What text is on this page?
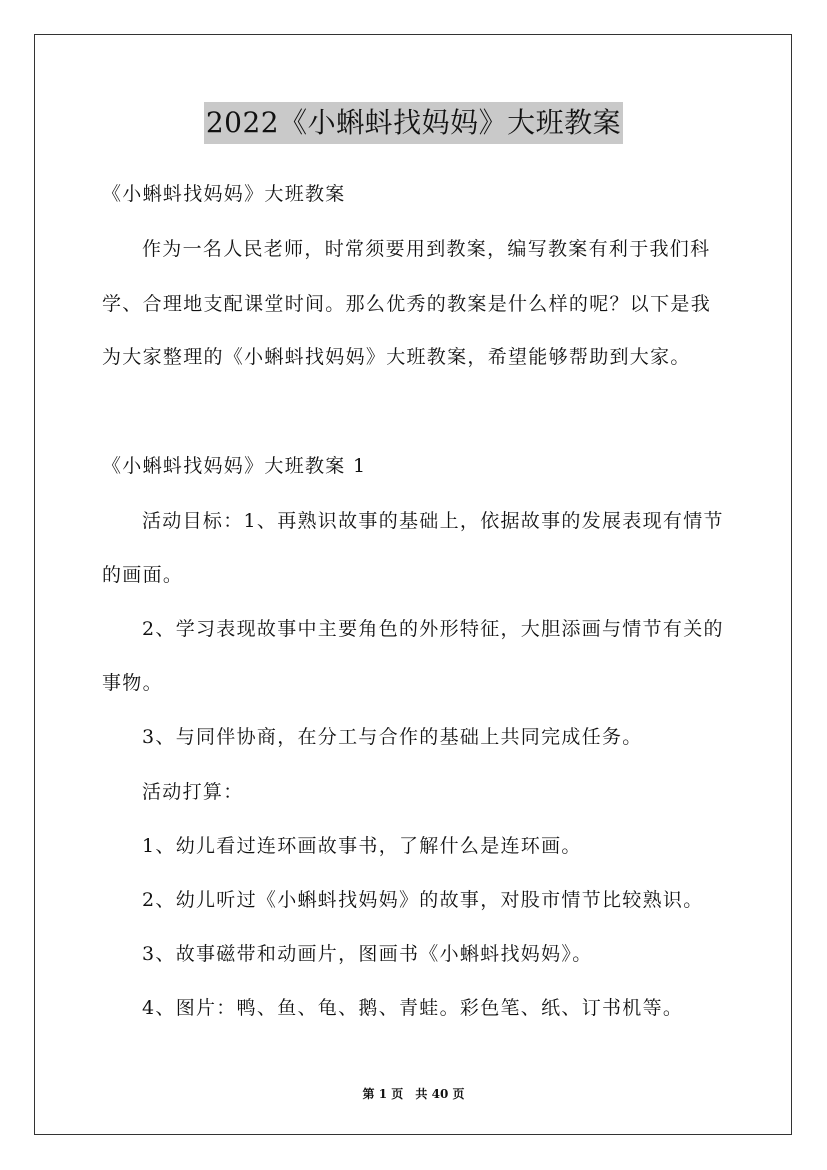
2022《小蝌蚪找妈妈》大班教案
《小蝌蚪找妈妈》大班教案
作为一名人民老师，时常须要用到教案，编写教案有利于我们科
学、合理地支配课堂时间。那么优秀的教案是什么样的呢？以下是我
为大家整理的《小蝌蚪找妈妈》大班教案，希望能够帮助到大家。
《小蝌蚪找妈妈》大班教案 1
活动目标：1、再熟识故事的基础上，依据故事的发展表现有情节
的画面。
2、学习表现故事中主要角色的外形特征，大胆添画与情节有关的
事物。
3、与同伴协商，在分工与合作的基础上共同完成任务。
活动打算：
1、幼儿看过连环画故事书，了解什么是连环画。
2、幼儿听过《小蝌蚪找妈妈》的故事，对股市情节比较熟识。
3、故事磁带和动画片，图画书《小蝌蚪找妈妈》。
4、图片：鸭、鱼、龟、鹅、青蛙。彩色笔、纸、订书机等。
第 1 页 共 40 页
